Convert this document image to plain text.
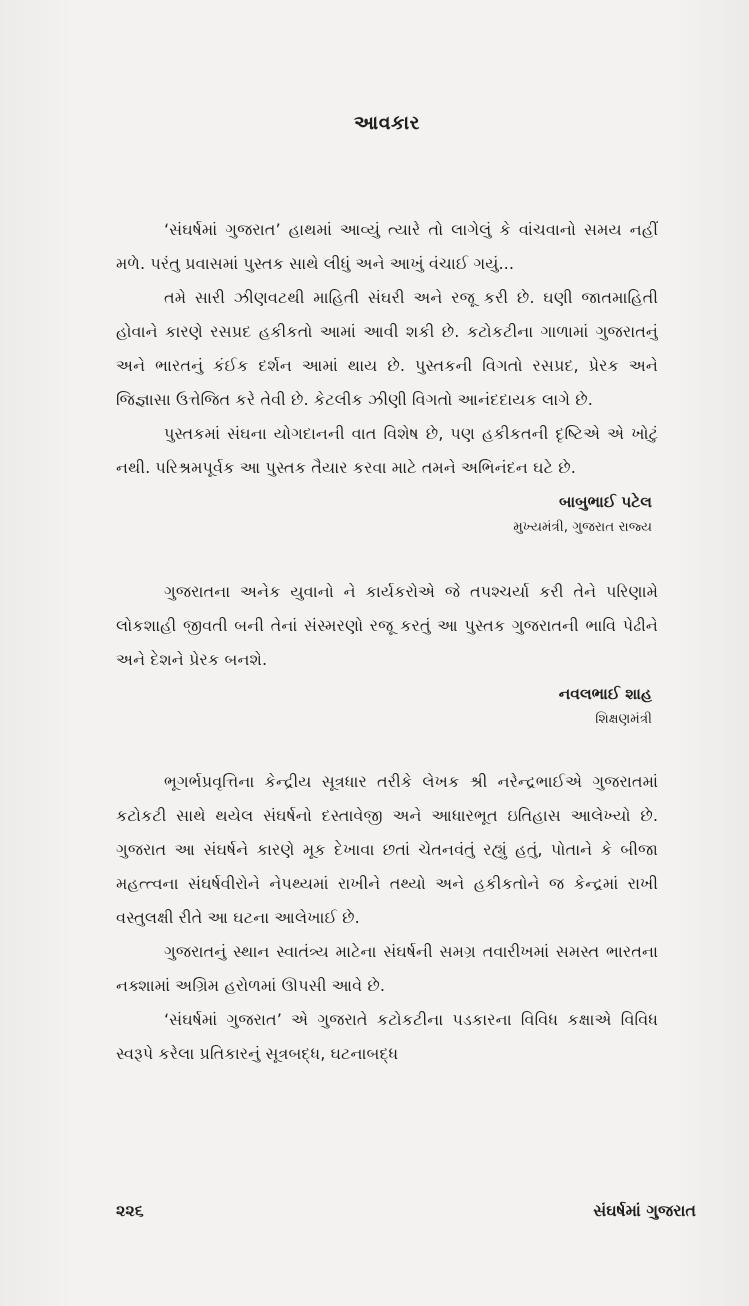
આવકાર

‘સંઘર્ષમાં ગુજરાત’ હાથમાં આવ્યું ત્યારે તો લાગેલું કે વાંચવાનો સમય નહીં મળે. પરંતુ પ્રવાસમાં પુસ્તક સાથે લીધું અને આખું વંચાઈ ગયું...

તમે સારી ઝીણવટથી માહિતી સંઘરી અને રજૂ કરી છે. ઘણી જાતમાહિતી હોવાને કારણે રસપ્રદ હકીકતો આમાં આવી શકી છે. કટોકટીના ગાળામાં ગુજરાતનું અને ભારતનું કંઈક દર્શન આમાં થાય છે. પુસ્તકની વિગતો રસપ્રદ, પ્રેરક અને જિજ્ઞાસા ઉત્તેજિત કરે તેવી છે. કેટલીક ઝીણી વિગતો આનંદદાયક લાગે છે.

પુસ્તકમાં સંઘના યોગદાનની વાત વિશેષ છે, પણ હકીકતની દૃષ્ટિએ એ ખોટું નથી. પરિશ્રમપૂર્વક આ પુસ્તક તૈયાર કરવા માટે તમને અભિનંદન ઘટે છે.

બાબુભાઈ પટેલ
મુખ્યમંત્રી, ગુજરાત રાજ્ય

ગુજરાતના અનેક યુવાનો ને કાર્યકરોએ જે તપશ્ચર્યા કરી તેને પરિણામે લોકશાહી જીવતી બની તેનાં સંસ્મરણો રજૂ કરતું આ પુસ્તક ગુજરાતની ભાવિ પેઢીને અને દેશને પ્રેરક બનશે.

નવલભાઈ શાહ
શિક્ષણમંત્રી

ભૂગર્ભપ્રવૃત્તિના કેન્દ્રીય સૂત્રધાર તરીકે લેખક શ્રી નરેન્દ્રભાઈએ ગુજરાતમાં કટોકટી સાથે થયેલ સંઘર્ષનો દસ્તાવેજી અને આધારભૂત ઇતિહાસ આલેખ્યો છે. ગુજરાત આ સંઘર્ષને કારણે મૂક દેખાવા છતાં ચેતનવંતું રહ્યું હતું, પોતાને કે બીજા મહત્ત્વના સંઘર્ષવીરોને નેપથ્યમાં રાખીને તથ્યો અને હકીકતોને જ કેન્દ્રમાં રાખી વસ્તુલક્ષી રીતે આ ઘટના આલેખાઈ છે.

ગુજરાતનું સ્થાન સ્વાતંત્ર્ય માટેના સંઘર્ષની સમગ્ર તવારીખમાં સમસ્ત ભારતના નક્શામાં અગ્રિમ હરોળમાં ઊપસી આવે છે.

‘સંઘર્ષમાં ગુજરાત’ એ ગુજરાતે કટોકટીના પડકારના વિવિધ કક્ષાએ વિવિધ સ્વરૂપે કરેલા પ્રતિકારનું સૂત્રબદ્ધ, ઘટનાબદ્ધ

૨૨૬	સંઘર્ષમાં ગુજરાત
